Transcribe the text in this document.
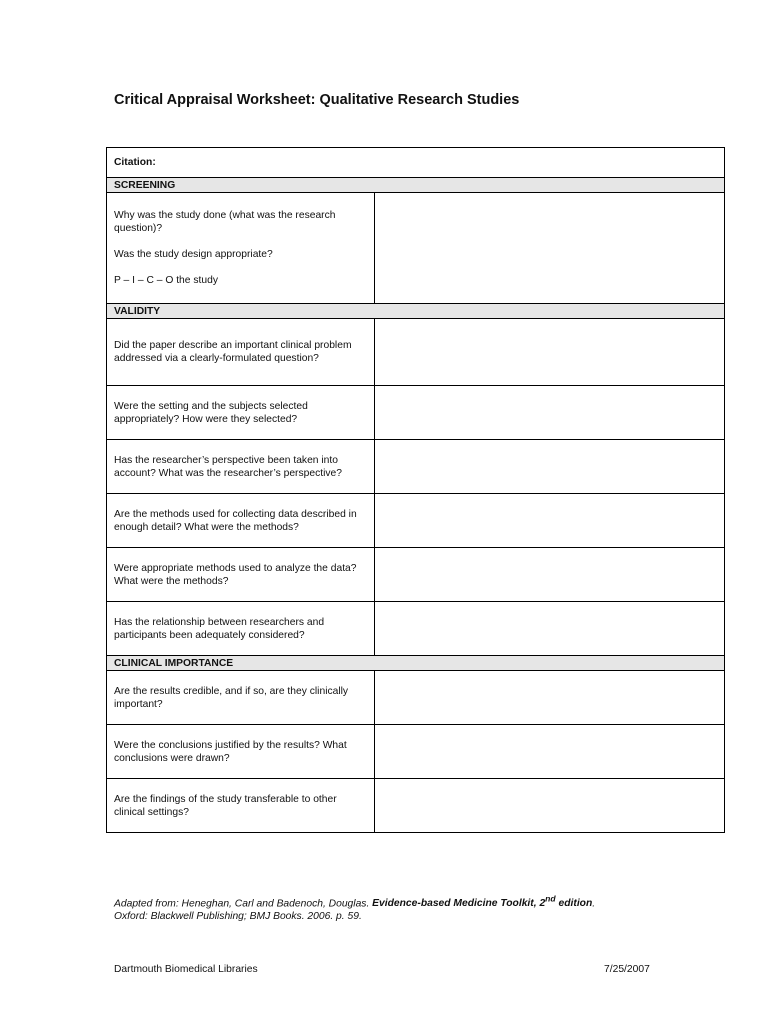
Critical Appraisal Worksheet: Qualitative Research Studies
Citation:	
SCREENING	

Why was the study done (what was the research question)?

Was the study design appropriate?

P – I – C – O the study	

VALIDITY	

Did the paper describe an important clinical problem addressed via a clearly-formulated question?	

Were the setting and the subjects selected appropriately? How were they selected?	

Has the researcher’s perspective been taken into account? What was the researcher’s perspective?	

Are the methods used for collecting data described in enough detail? What were the methods?	

Were appropriate methods used to analyze the data? What were the methods?	

Has the relationship between researchers and participants been adequately considered?	

CLINICAL IMPORTANCE	

Are the results credible, and if so, are they clinically important?	

Were the conclusions justified by the results? What conclusions were drawn?	

Are the findings of the study transferable to other clinical settings?	

Adapted from: Heneghan, Carl and Badenoch, Douglas. Evidence-based Medicine Toolkit, 2nd edition.
Oxford: Blackwell Publishing; BMJ Books. 2006. p. 59.
Dartmouth Biomedical Libraries	7/25/2007
